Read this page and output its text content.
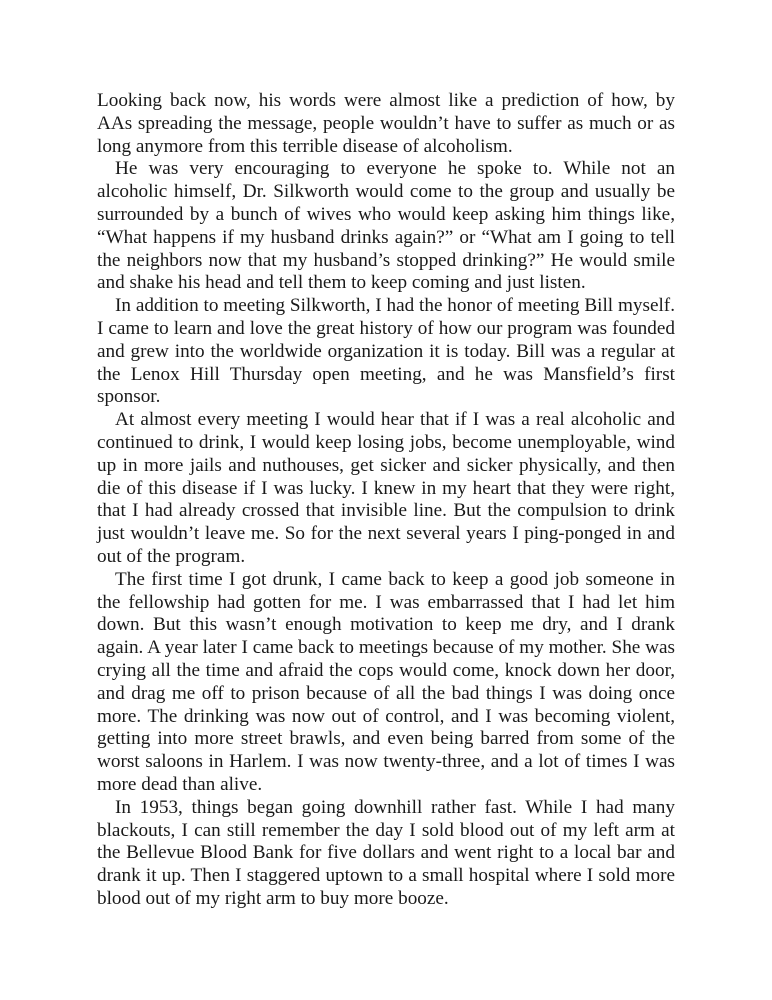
Looking back now, his words were almost like a prediction of how, by AAs spreading the message, people wouldn’t have to suffer as much or as long anymore from this terrible disease of alcoholism.

He was very encouraging to everyone he spoke to. While not an alcoholic himself, Dr. Silkworth would come to the group and usually be surrounded by a bunch of wives who would keep asking him things like, “What happens if my husband drinks again?” or “What am I going to tell the neighbors now that my husband’s stopped drinking?” He would smile and shake his head and tell them to keep coming and just listen.

In addition to meeting Silkworth, I had the honor of meeting Bill myself. I came to learn and love the great history of how our program was founded and grew into the worldwide organization it is today. Bill was a regular at the Lenox Hill Thursday open meeting, and he was Mansfield’s first sponsor.

At almost every meeting I would hear that if I was a real alcoholic and continued to drink, I would keep losing jobs, become unemployable, wind up in more jails and nuthouses, get sicker and sicker physically, and then die of this disease if I was lucky. I knew in my heart that they were right, that I had already crossed that invisible line. But the compulsion to drink just wouldn’t leave me. So for the next several years I ping-ponged in and out of the program.

The first time I got drunk, I came back to keep a good job someone in the fellowship had gotten for me. I was embarrassed that I had let him down. But this wasn’t enough motivation to keep me dry, and I drank again. A year later I came back to meetings because of my mother. She was crying all the time and afraid the cops would come, knock down her door, and drag me off to prison because of all the bad things I was doing once more. The drinking was now out of control, and I was becoming violent, getting into more street brawls, and even being barred from some of the worst saloons in Harlem. I was now twenty-three, and a lot of times I was more dead than alive.

In 1953, things began going downhill rather fast. While I had many blackouts, I can still remember the day I sold blood out of my left arm at the Bellevue Blood Bank for five dollars and went right to a local bar and drank it up. Then I staggered uptown to a small hospital where I sold more blood out of my right arm to buy more booze.
